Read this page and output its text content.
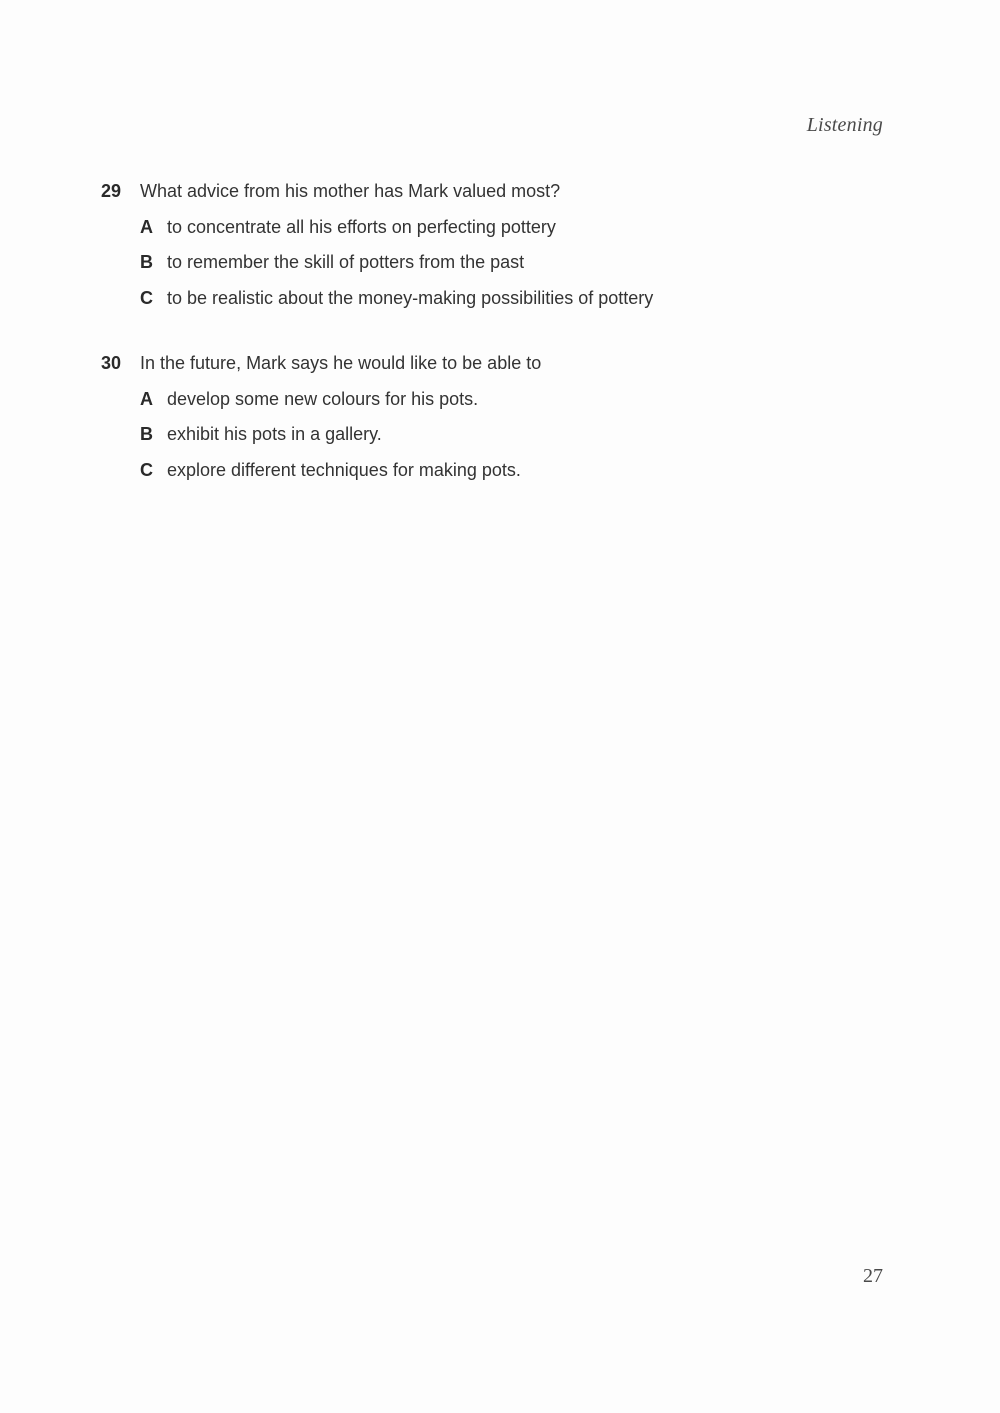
Listening
29	What advice from his mother has Mark valued most?
A to concentrate all his efforts on perfecting pottery
B to remember the skill of potters from the past
C to be realistic about the money-making possibilities of pottery
30	In the future, Mark says he would like to be able to
A develop some new colours for his pots.
B exhibit his pots in a gallery.
C explore different techniques for making pots.
27
